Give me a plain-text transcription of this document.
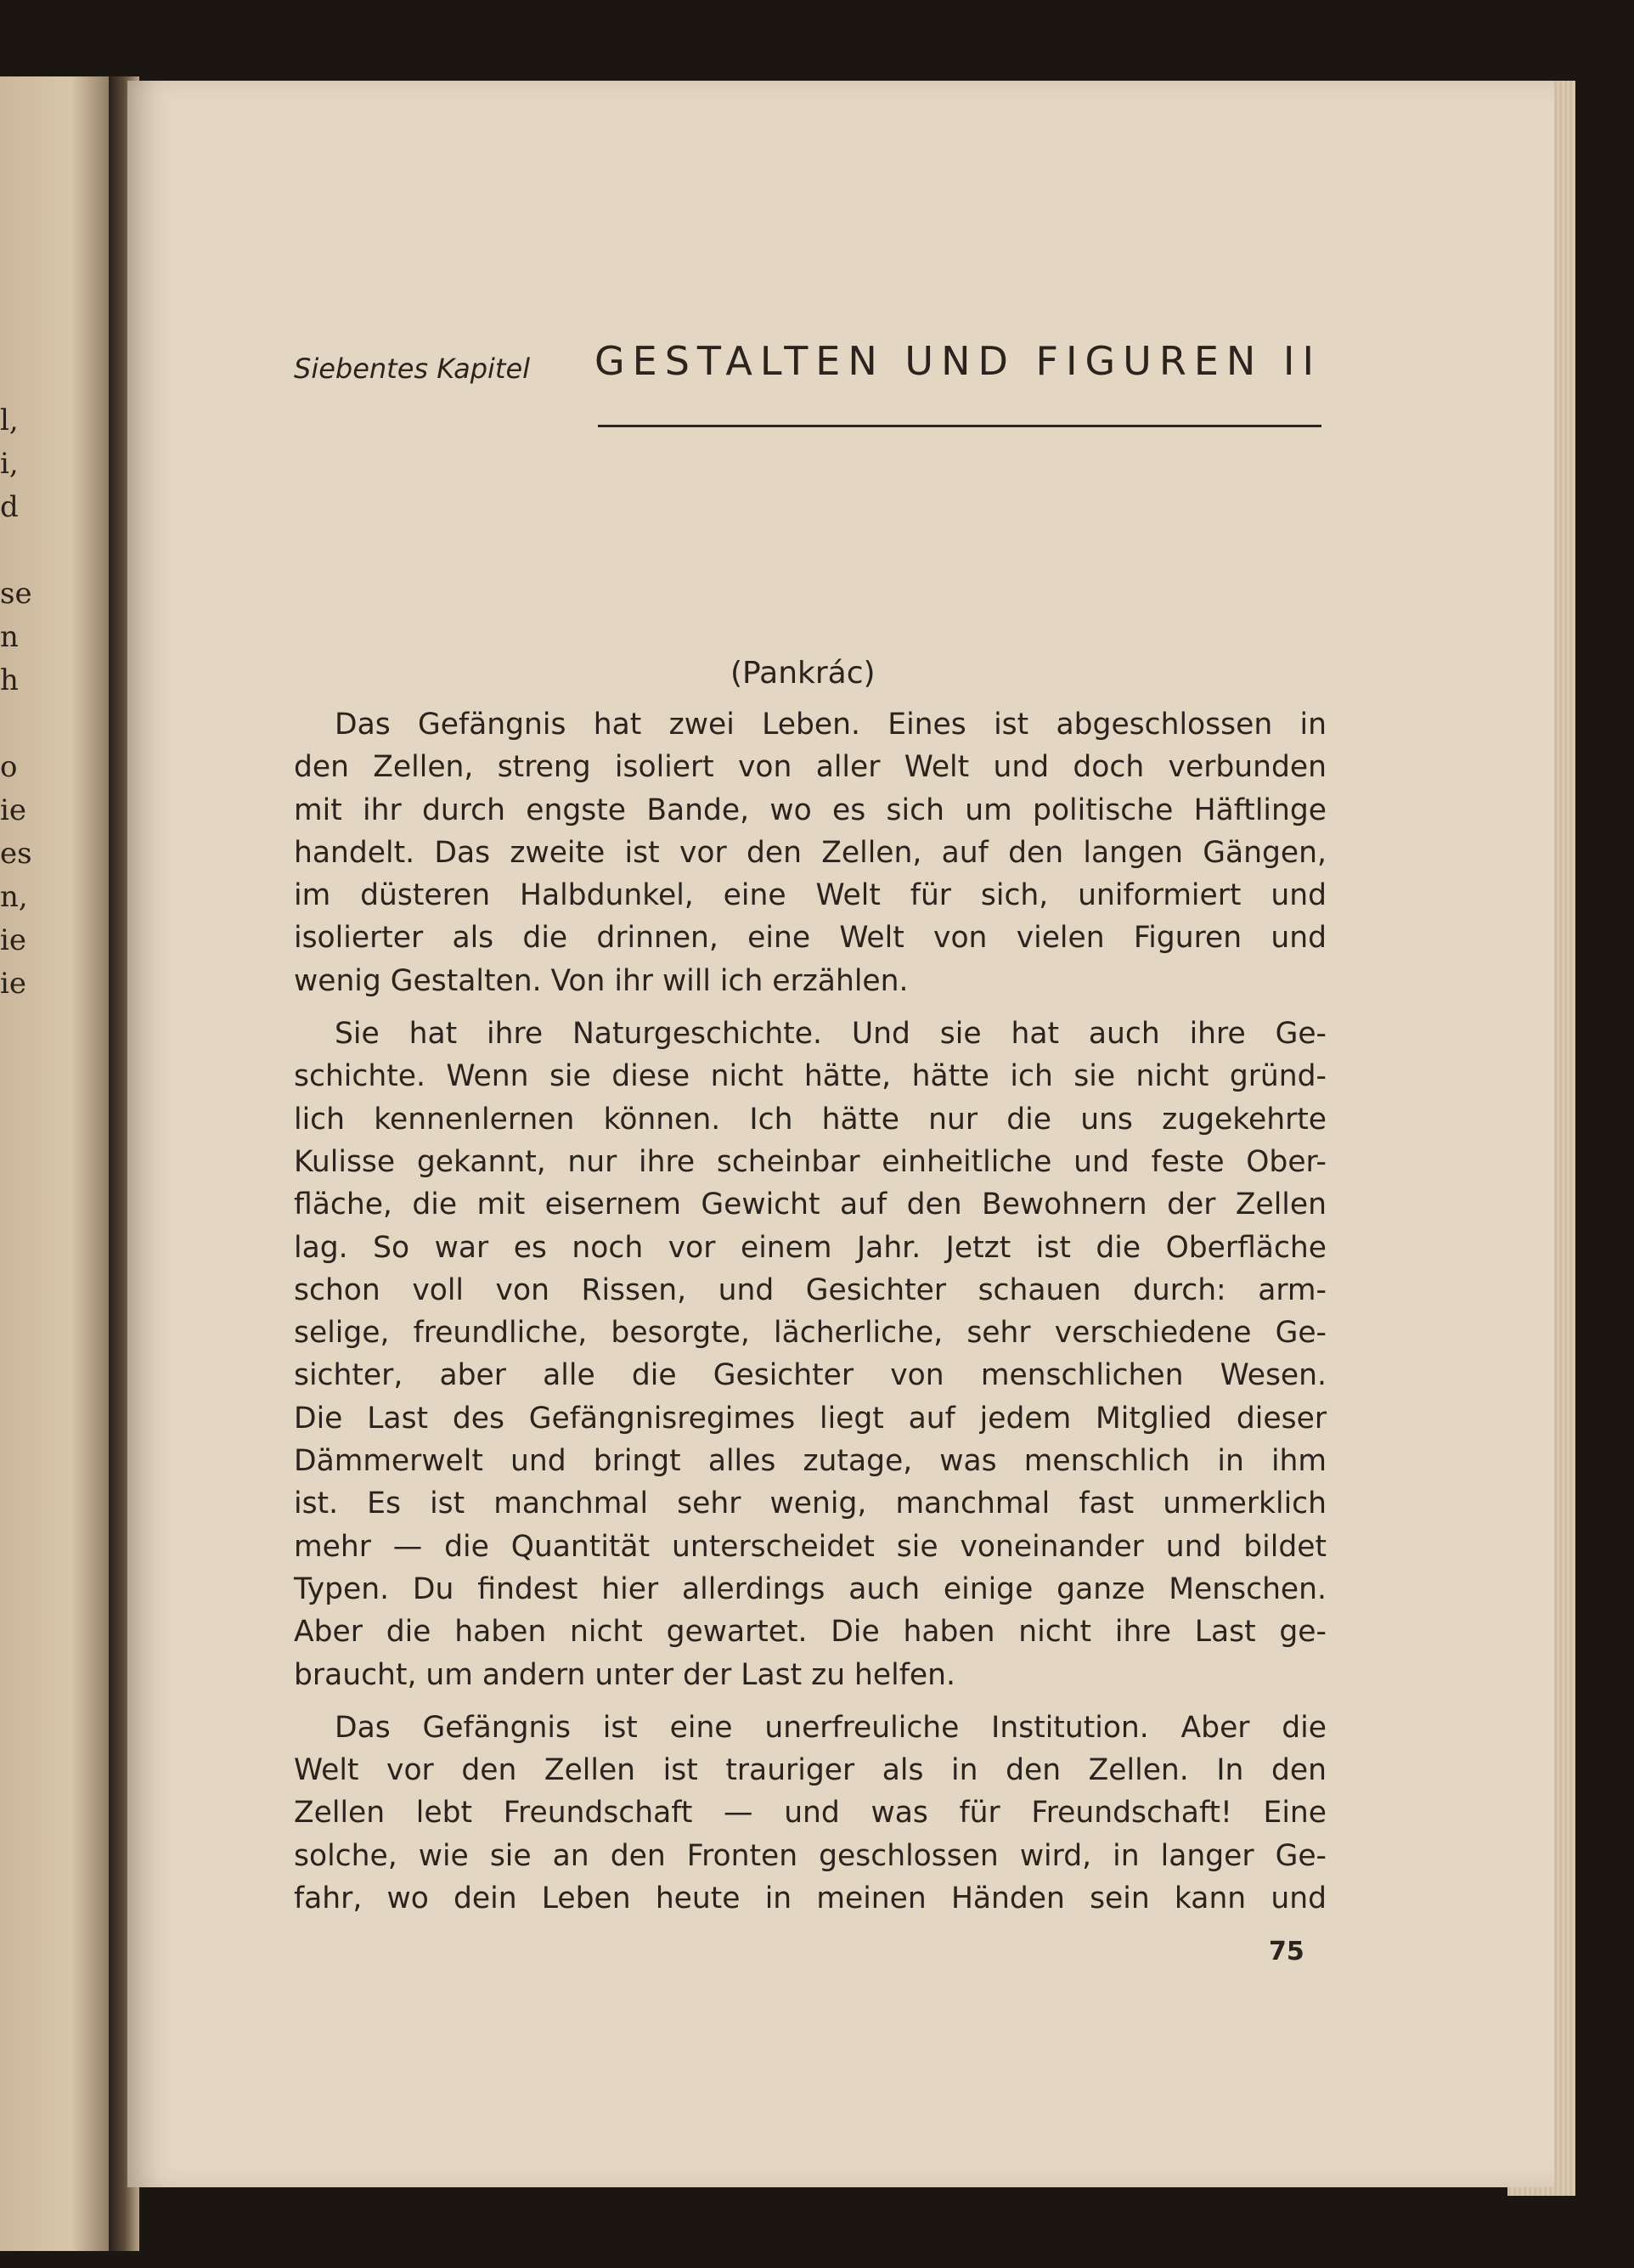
l,
i,
d
se
n
h
o
ie
es
n,
ie
ie
Siebentes Kapitel GESTALTEN UND FIGUREN II
(Pankrác)
Das Gefängnis hat zwei Leben. Eines ist abgeschlossen in
den Zellen, streng isoliert von aller Welt und doch verbunden
mit ihr durch engste Bande, wo es sich um politische Häftlinge
handelt. Das zweite ist vor den Zellen, auf den langen Gängen,
im düsteren Halbdunkel, eine Welt für sich, uniformiert und
isolierter als die drinnen, eine Welt von vielen Figuren und
wenig Gestalten. Von ihr will ich erzählen.
Sie hat ihre Naturgeschichte. Und sie hat auch ihre Ge-
schichte. Wenn sie diese nicht hätte, hätte ich sie nicht gründ-
lich kennenlernen können. Ich hätte nur die uns zugekehrte
Kulisse gekannt, nur ihre scheinbar einheitliche und feste Ober-
fläche, die mit eisernem Gewicht auf den Bewohnern der Zellen
lag. So war es noch vor einem Jahr. Jetzt ist die Oberfläche
schon voll von Rissen, und Gesichter schauen durch: arm-
selige, freundliche, besorgte, lächerliche, sehr verschiedene Ge-
sichter, aber alle die Gesichter von menschlichen Wesen.
Die Last des Gefängnisregimes liegt auf jedem Mitglied dieser
Dämmerwelt und bringt alles zutage, was menschlich in ihm
ist. Es ist manchmal sehr wenig, manchmal fast unmerklich
mehr — die Quantität unterscheidet sie voneinander und bildet
Typen. Du findest hier allerdings auch einige ganze Menschen.
Aber die haben nicht gewartet. Die haben nicht ihre Last ge-
braucht, um andern unter der Last zu helfen.
Das Gefängnis ist eine unerfreuliche Institution. Aber die
Welt vor den Zellen ist trauriger als in den Zellen. In den
Zellen lebt Freundschaft — und was für Freundschaft! Eine
solche, wie sie an den Fronten geschlossen wird, in langer Ge-
fahr, wo dein Leben heute in meinen Händen sein kann und
75
